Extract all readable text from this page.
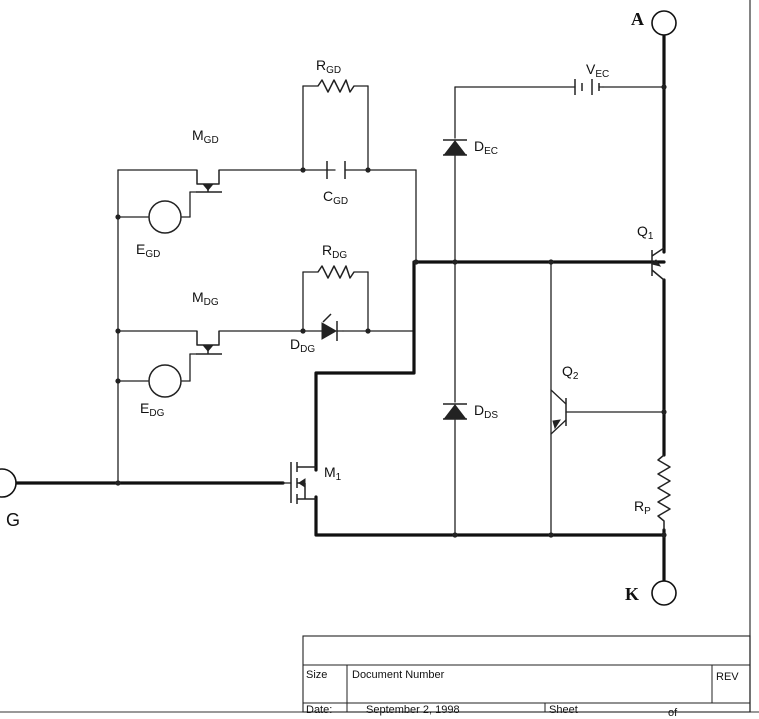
A
K
G
$R_{GD}$
$C_{GD}$
$M_{GD}$
$E_{GD}$	$R_{DG}$
$M_{DG}$
$D_{DG}$
$E_{DG}$
$M_1$
$V_{EC}$
$D_{EC}$
$D_{DS}$
$Q_1$
$Q_2$
$R_P$
Size Document Number	REV
Date:	September 2, 1998	Sheet	of
